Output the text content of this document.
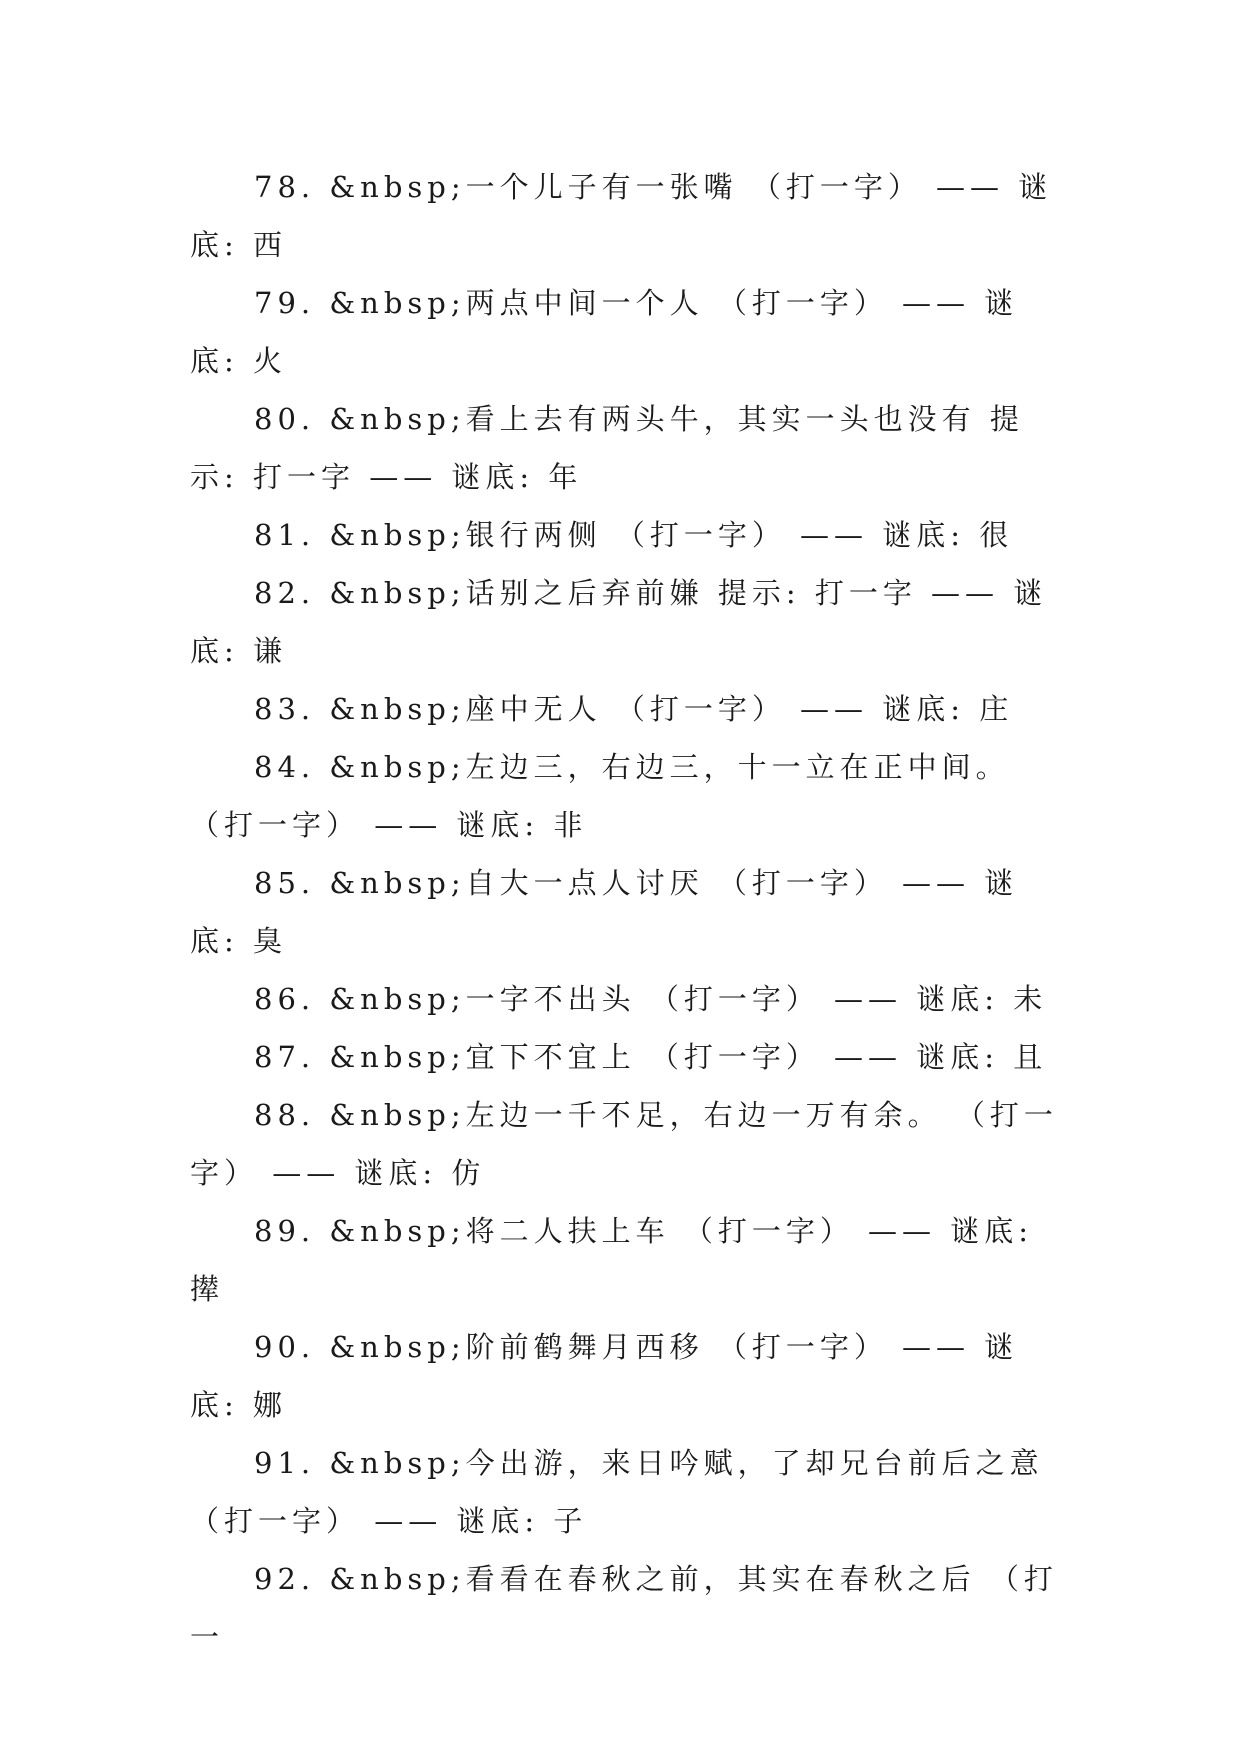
78. &nbsp;一个儿子有一张嘴 （打一字） —— 谜底: 西

79. &nbsp;两点中间一个人 （打一字） —— 谜底: 火

80. &nbsp;看上去有两头牛，其实一头也没有 提示: 打一字 —— 谜底: 年

81. &nbsp;银行两侧 （打一字） —— 谜底: 很

82. &nbsp;话别之后弃前嫌 提示: 打一字 —— 谜底: 谦

83. &nbsp;座中无人 （打一字） —— 谜底: 庄

84. &nbsp;左边三，右边三，十一立在正中间。 （打一字） —— 谜底: 非

85. &nbsp;自大一点人讨厌 （打一字） —— 谜底: 臭

86. &nbsp;一字不出头 （打一字） —— 谜底: 未

87. &nbsp;宜下不宜上 （打一字） —— 谜底: 且

88. &nbsp;左边一千不足，右边一万有余。 （打一字） —— 谜底: 仿

89. &nbsp;将二人扶上车 （打一字） —— 谜底: 撵

90. &nbsp;阶前鹤舞月西移 （打一字） —— 谜底: 娜

91. &nbsp;今出游，来日吟赋，了却兄台前后之意 （打一字） —— 谜底: 子

92. &nbsp;看看在春秋之前，其实在春秋之后 （打一
